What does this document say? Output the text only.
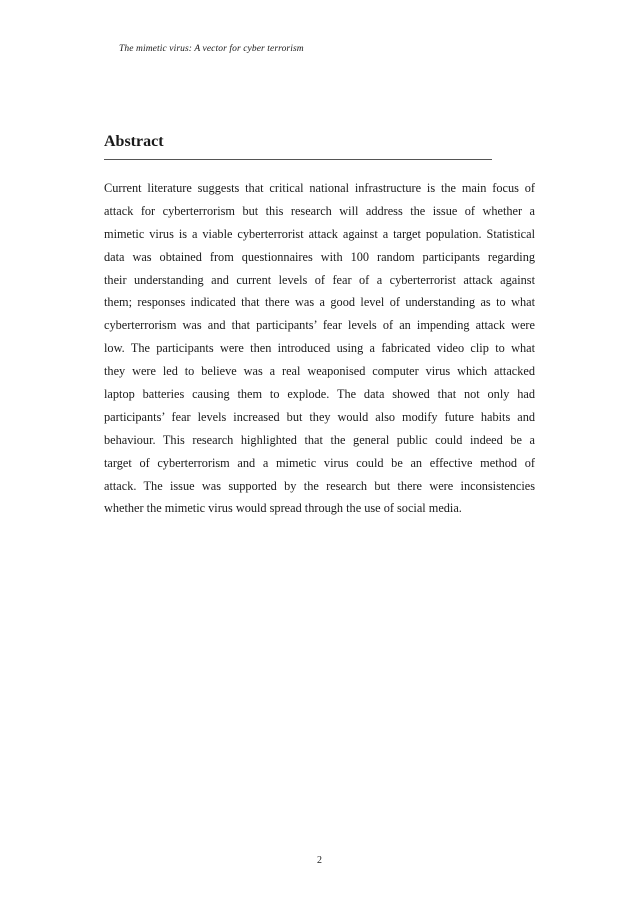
The mimetic virus: A vector for cyber terrorism
Abstract
Current literature suggests that critical national infrastructure is the main focus of
attack for cyberterrorism but this research will address the issue of whether a
mimetic virus is a viable cyberterrorist attack against a target population. Statistical
data was obtained from questionnaires with 100 random participants regarding
their understanding and current levels of fear of a cyberterrorist attack against
them; responses indicated that there was a good level of understanding as to what
cyberterrorism was and that participants’ fear levels of an impending attack were
low. The participants were then introduced using a fabricated video clip to what
they were led to believe was a real weaponised computer virus which attacked
laptop batteries causing them to explode. The data showed that not only had
participants’ fear levels increased but they would also modify future habits and
behaviour. This research highlighted that the general public could indeed be a
target of cyberterrorism and a mimetic virus could be an effective method of
attack. The issue was supported by the research but there were inconsistencies
whether the mimetic virus would spread through the use of social media.
2
